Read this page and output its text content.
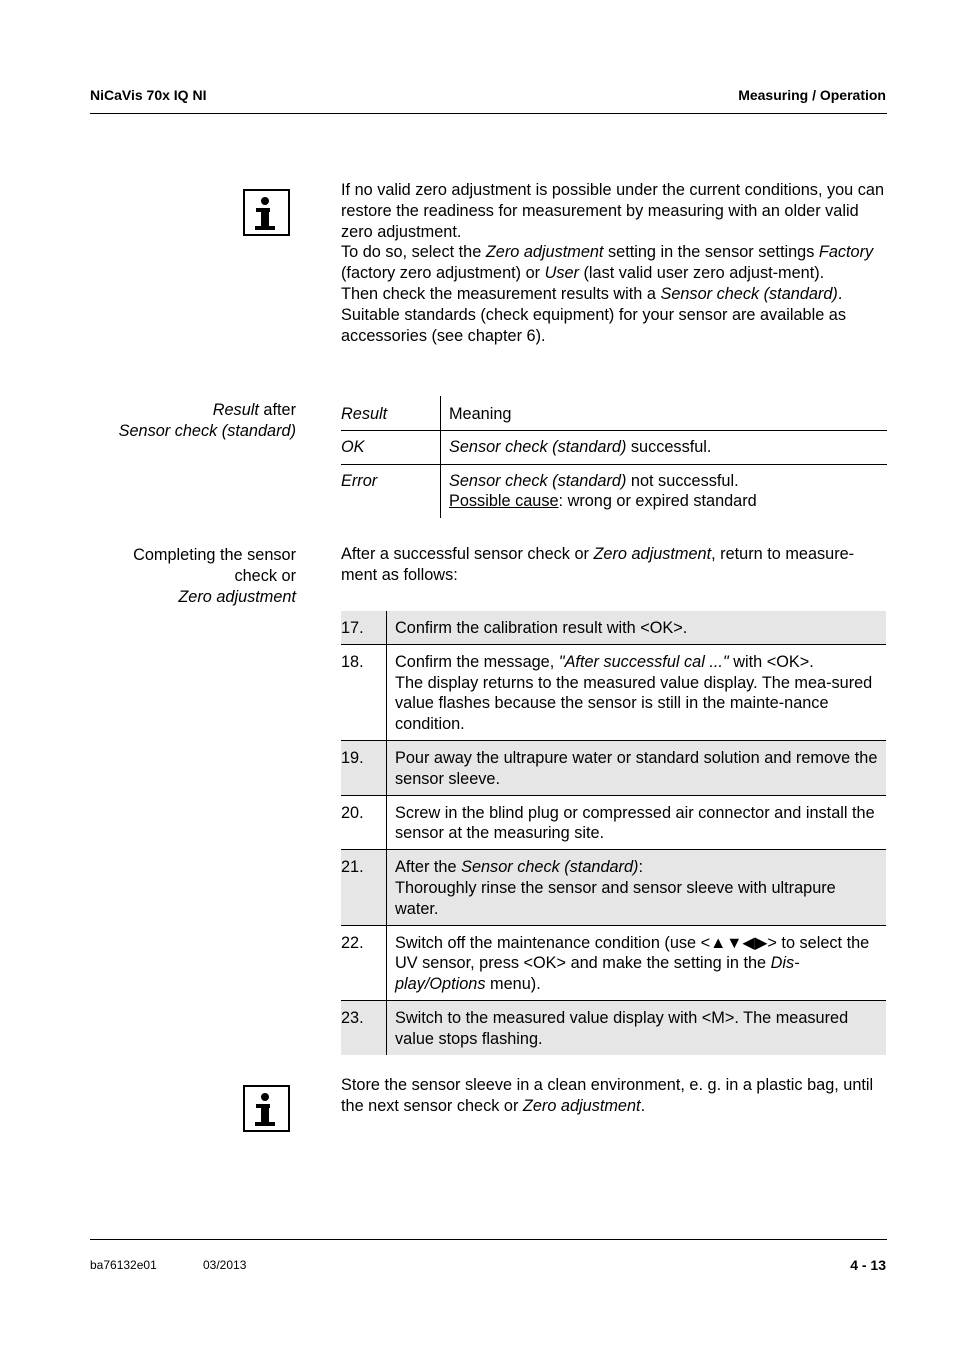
NiCaVis 70x IQ NI	Measuring / Operation

If no valid zero adjustment is possible under the current conditions, you can restore the readiness for measurement by measuring with an older valid zero adjustment.

To do so, select the Zero adjustment setting in the sensor settings Factory (factory zero adjustment) or User (last valid user zero adjust-ment).

Then check the measurement results with a Sensor check (standard).

Suitable standards (check equipment) for your sensor are available as accessories (see chapter 6).

Result after
Sensor check (standard)
Result	Meaning
OK	Sensor check (standard) successful.
Error	Sensor check (standard) not successful.
Possible cause: wrong or expired standard
Completing the sensor
check or
Zero adjustment

After a successful sensor check or Zero adjustment, return to measure-ment as follows:

17.	Confirm the calibration result with <OK>.
18.	Confirm the message, "After successful cal ..." with <OK>.
The display returns to the measured value display. The mea-sured value flashes because the sensor is still in the mainte-nance condition.
19.	Pour away the ultrapure water or standard solution and remove the sensor sleeve.
20.	Screw in the blind plug or compressed air connector and install the sensor at the measuring site.
21.	After the Sensor check (standard):
Thoroughly rinse the sensor and sensor sleeve with ultrapure water.
22.	Switch off the maintenance condition (use <▲▼◀▶> to select the UV sensor, press <OK> and make the setting in the Dis-play/Options menu).
23.	Switch to the measured value display with <M>. The measured value stops flashing.

Store the sensor sleeve in a clean environment, e. g. in a plastic bag, until the next sensor check or Zero adjustment.

ba76132e01	03/2013	4 - 13
